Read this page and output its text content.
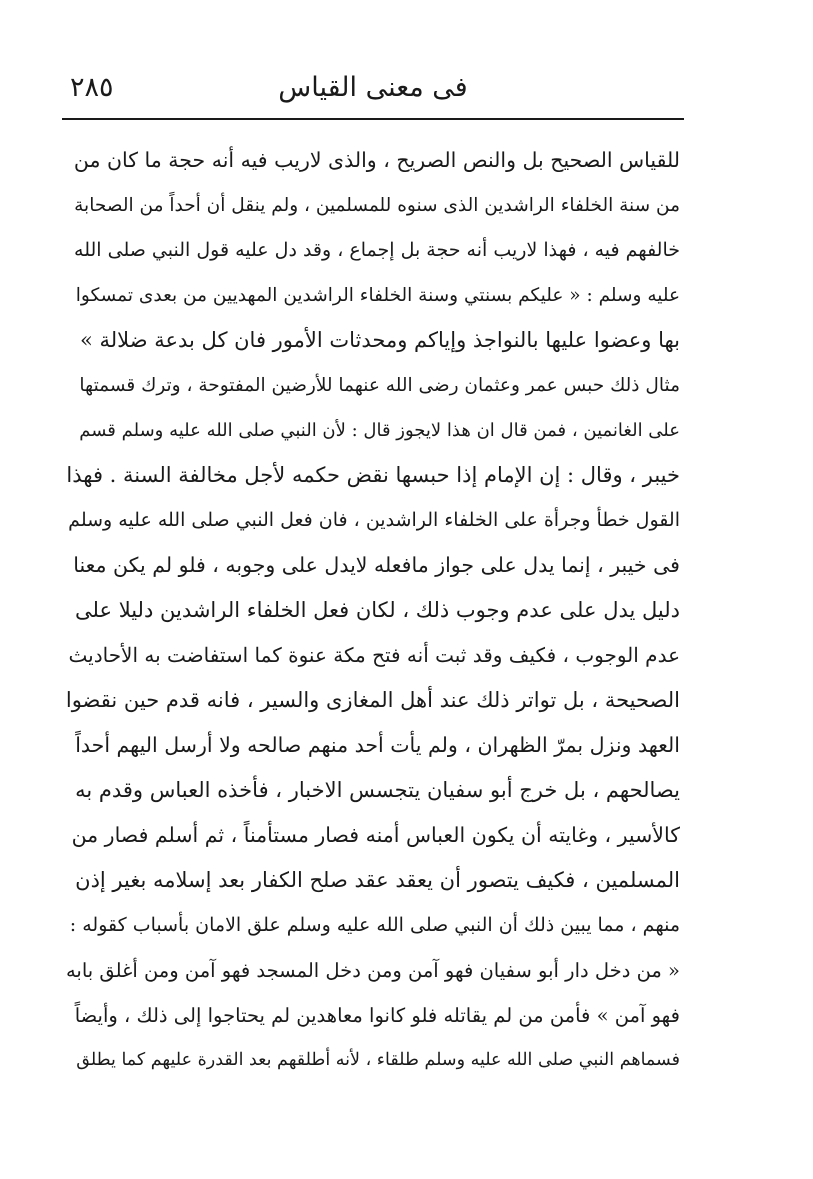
فى معنى القياس
٢٨٥
للقياس الصحيح بل والنص الصريح ، والذى لاريب فيه أنه حجة ما كان من
من سنة الخلفاء الراشدين الذى سنوه للمسلمين ، ولم ينقل أن أحداً من الصحابة
خالفهم فيه ، فهذا لاريب أنه حجة بل إجماع ، وقد دل عليه قول النبي صلى الله
عليه وسلم : « عليكم بسنتي وسنة الخلفاء الراشدين المهديين من بعدى تمسكوا
بها وعضوا عليها بالنواجذ وإياكم ومحدثات الأمور فان كل بدعة ضلالة »
مثال ذلك حبس عمر وعثمان رضى الله عنهما للأرضين المفتوحة ، وترك قسمتها
على الغانمين ، فمن قال ان هذا لايجوز قال : لأن النبي صلى الله عليه وسلم قسم
خيبر ، وقال : إن الإمام إذا حبسها نقض حكمه لأجل مخالفة السنة . فهذا
القول خطأ وجرأة على الخلفاء الراشدين ، فان فعل النبي صلى الله عليه وسلم
فى خيبر ، إنما يدل على جواز مافعله لايدل على وجوبه ، فلو لم يكن معنا
دليل يدل على عدم وجوب ذلك ، لكان فعل الخلفاء الراشدين دليلا على
عدم الوجوب ، فكيف وقد ثبت أنه فتح مكة عنوة كما استفاضت به الأحاديث
الصحيحة ، بل تواتر ذلك عند أهل المغازى والسير ، فانه قدم حين نقضوا
العهد ونزل بمرّ الظهران ، ولم يأت أحد منهم صالحه ولا أرسل اليهم أحداً
يصالحهم ، بل خرج أبو سفيان يتجسس الاخبار ، فأخذه العباس وقدم به
كالأسير ، وغايته أن يكون العباس أمنه فصار مستأمناً ، ثم أسلم فصار من
المسلمين ، فكيف يتصور أن يعقد عقد صلح الكفار بعد إسلامه بغير إذن
منهم ، مما يبين ذلك أن النبي صلى الله عليه وسلم علق الامان بأسباب كقوله :
« من دخل دار أبو سفيان فهو آمن ومن دخل المسجد فهو آمن ومن أغلق بابه
فهو آمن » فأمن من لم يقاتله فلو كانوا معاهدين لم يحتاجوا إلى ذلك ، وأيضاً
فسماهم النبي صلى الله عليه وسلم طلقاء ، لأنه أطلقهم بعد القدرة عليهم كما يطلق
